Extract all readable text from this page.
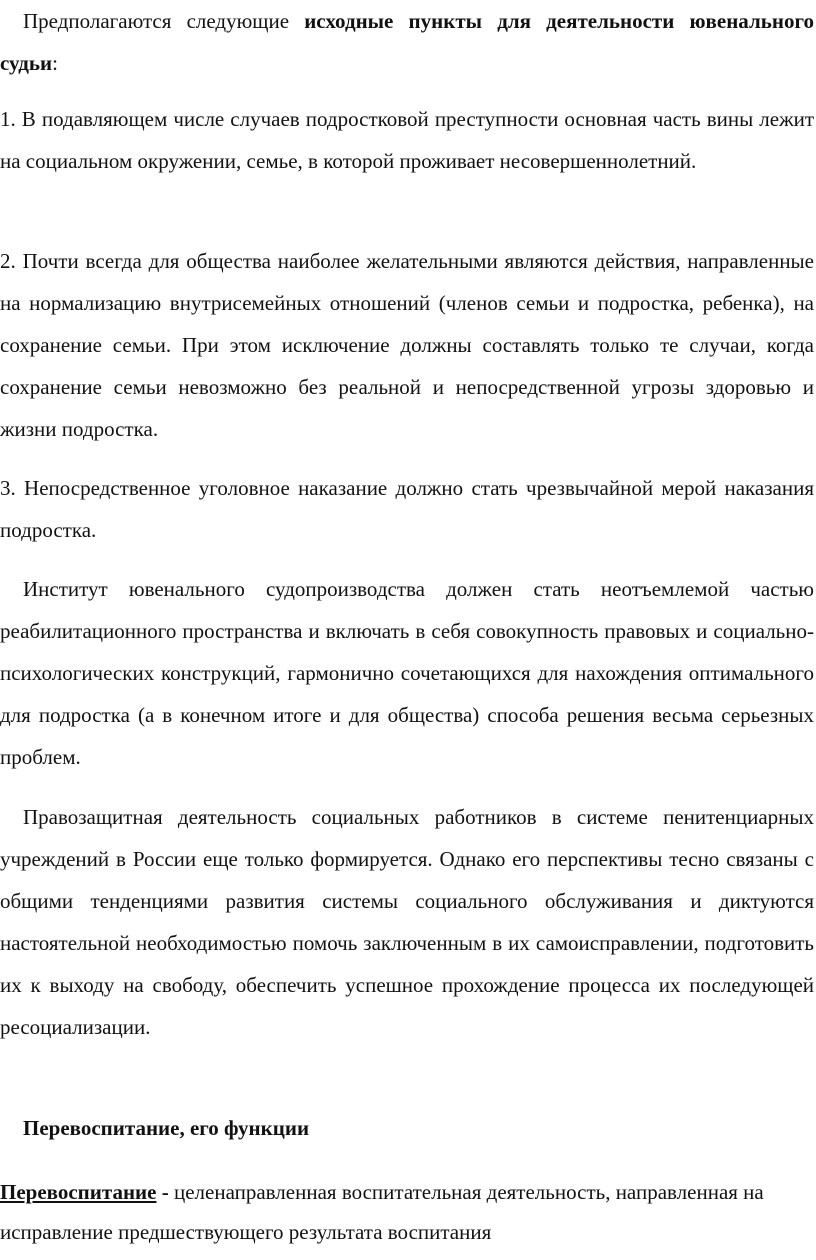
Предполагаются следующие исходные пункты для деятельности ювенального судьи:

1. В подавляющем числе случаев подростковой преступности основная часть вины лежит на социальном окружении, семье, в которой проживает несовершеннолетний.

2. Почти всегда для общества наиболее желательными являются действия, направленные на нормализацию внутрисемейных отношений (членов семьи и подростка, ребенка), на сохранение семьи. При этом исключение должны составлять только те случаи, когда сохранение семьи невозможно без реальной и непосредственной угрозы здоровью и жизни подростка.

3. Непосредственное уголовное наказание должно стать чрезвычайной мерой наказания подростка.

Институт ювенального судопроизводства должен стать неотъемлемой частью реабилитационного пространства и включать в себя совокупность правовых и социально-психологических конструкций, гармонично сочетающихся для нахождения оптимального для подростка (а в конечном итоге и для общества) способа решения весьма серьезных проблем.

Правозащитная деятельность социальных работников в системе пенитенциарных учреждений в России еще только формируется. Однако его перспективы тесно связаны с общими тенденциями развития системы социального обслуживания и диктуются настоятельной необходимостью помочь заключенным в их самоисправлении, подготовить их к выходу на свободу, обеспечить успешное прохождение процесса их последующей ресоциализации.

Перевоспитание, его функции

Перевоспитание - целенаправленная воспитательная деятельность, направленная на исправление предшествующего результата воспитания
